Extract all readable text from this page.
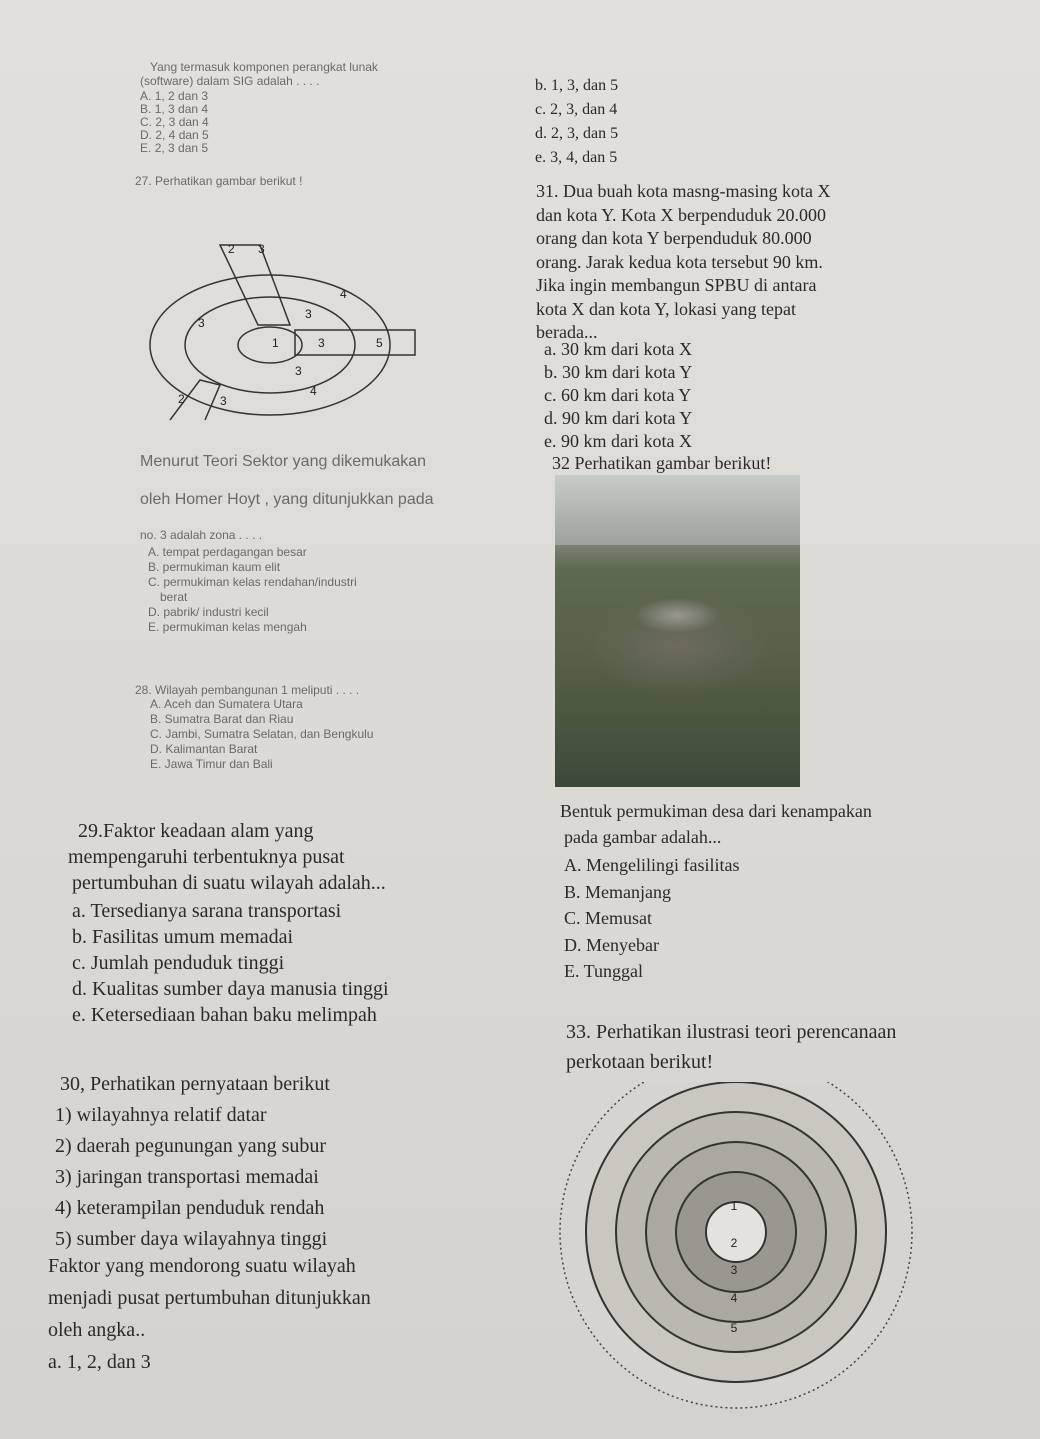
Yang termasuk komponen perangkat lunak
(software) dalam SIG adalah . . . .
A. 1, 2 dan 3
B. 1, 3 dan 4
C. 2, 3 dan 4
D. 2, 4 dan 5
E. 2, 3 dan 5
b. 1, 3, dan 5
c. 2, 3, dan 4
d. 2, 3, dan 5
e. 3, 4, dan 5
27. Perhatikan gambar berikut !
2 3
4
3
3
1	3	5
3
2	3
4
Menurut Teori Sektor yang dikemukakan
oleh Homer Hoyt , yang ditunjukkan pada
no. 3 adalah zona . . . .
A. tempat perdagangan besar
B. permukiman kaum elit
C. permukiman kelas rendahan/industri
berat
D. pabrik/ industri kecil
E. permukiman kelas mengah
28. Wilayah pembangunan 1 meliputi . . . .
A. Aceh dan Sumatera Utara
B. Sumatra Barat dan Riau
C. Jambi, Sumatra Selatan, dan Bengkulu
D. Kalimantan Barat
E. Jawa Timur dan Bali
29.Faktor keadaan alam yang
mempengaruhi terbentuknya pusat
pertumbuhan di suatu wilayah adalah...
a. Tersedianya sarana transportasi
b. Fasilitas umum memadai
c. Jumlah penduduk tinggi
d. Kualitas sumber daya manusia tinggi
e. Ketersediaan bahan baku melimpah
30, Perhatikan pernyataan berikut
1) wilayahnya relatif datar
2) daerah pegunungan yang subur
3) jaringan transportasi memadai
4) keterampilan penduduk rendah
5) sumber daya wilayahnya tinggi
Faktor yang mendorong suatu wilayah
menjadi pusat pertumbuhan ditunjukkan
oleh angka..
a. 1, 2, dan 3
31. Dua buah kota masng-masing kota X
dan kota Y. Kota X berpenduduk 20.000
orang dan kota Y berpenduduk 80.000
orang. Jarak kedua kota tersebut 90 km.
Jika ingin membangun SPBU di antara
kota X dan kota Y, lokasi yang tepat
berada...
a. 30 km dari kota X
b. 30 km dari kota Y
c. 60 km dari kota Y
d. 90 km dari kota Y
e. 90 km dari kota X
32 Perhatikan gambar berikut!
Bentuk permukiman desa dari kenampakan
pada gambar adalah...
A. Mengelilingi fasilitas
B. Memanjang
C. Memusat
D. Menyebar
E. Tunggal
33. Perhatikan ilustrasi teori perencanaan
perkotaan berikut!
1
2
3
4
5
